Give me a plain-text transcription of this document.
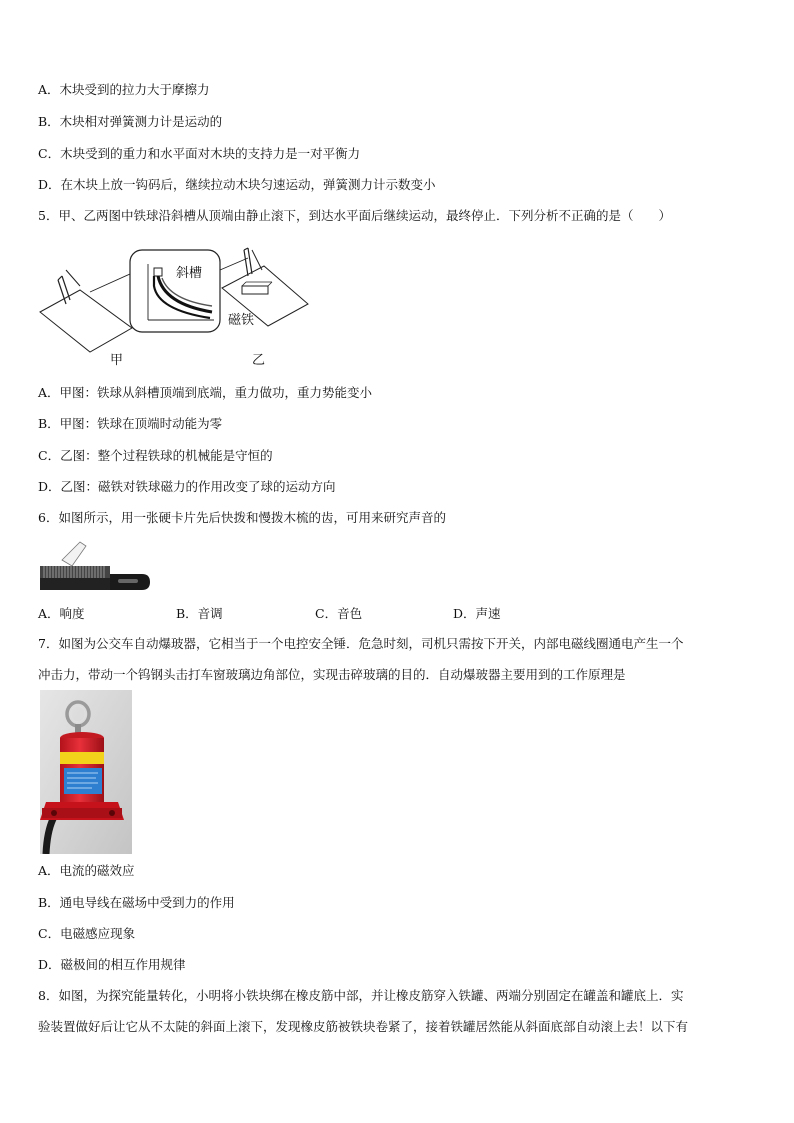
A．木块受到的拉力大于摩擦力
B．木块相对弹簧测力计是运动的
C．木块受到的重力和水平面对木块的支持力是一对平衡力
D．在木块上放一钩码后，继续拉动木块匀速运动，弹簧测力计示数变小
5．甲、乙两图中铁球沿斜槽从顶端由静止滚下，到达水平面后继续运动，最终停止．下列分析不正确的是（　　）
斜槽
磁铁
甲	乙
A．甲图：铁球从斜槽顶端到底端，重力做功，重力势能变小
B．甲图：铁球在顶端时动能为零
C．乙图：整个过程铁球的机械能是守恒的
D．乙图：磁铁对铁球磁力的作用改变了球的运动方向
6．如图所示，用一张硬卡片先后快拨和慢拨木梳的齿，可用来研究声音的
A．响度	B．音调	C．音色	D．声速
7．如图为公交车自动爆玻器，它相当于一个电控安全锤．危急时刻，司机只需按下开关，内部电磁线圈通电产生一个
冲击力，带动一个钨钢头击打车窗玻璃边角部位，实现击碎玻璃的目的．自动爆玻器主要用到的工作原理是
A．电流的磁效应
B．通电导线在磁场中受到力的作用
C．电磁感应现象
D．磁极间的相互作用规律
8．如图，为探究能量转化，小明将小铁块绑在橡皮筋中部，并让橡皮筋穿入铁罐、两端分别固定在罐盖和罐底上．实
验装置做好后让它从不太陡的斜面上滚下，发现橡皮筋被铁块卷紧了，接着铁罐居然能从斜面底部自动滚上去！以下有
